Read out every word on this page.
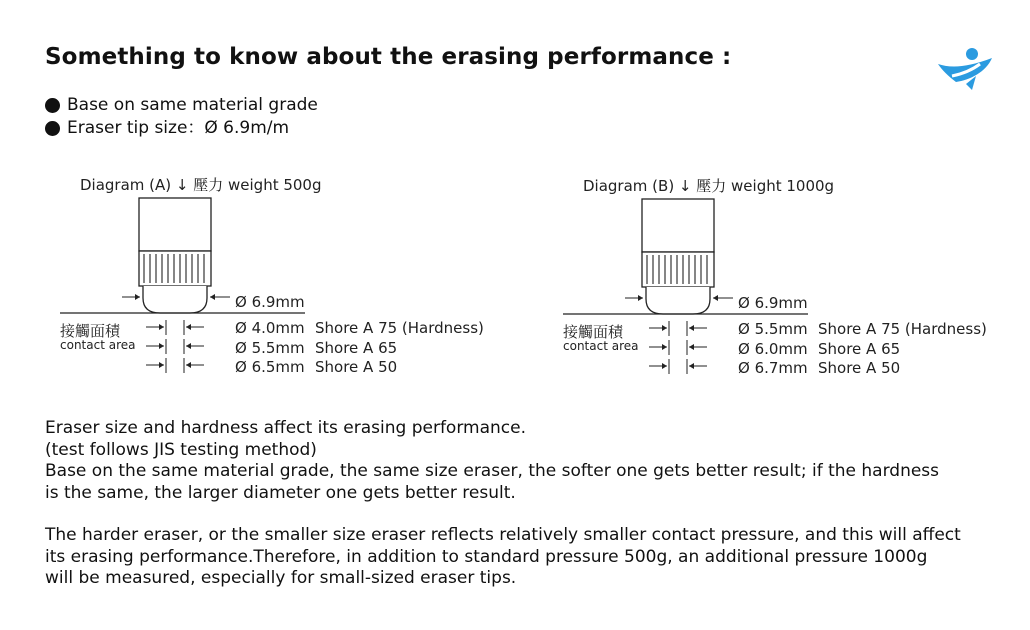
Something to know about the erasing performance :
Base on same material grade
Eraser tip size：Ø 6.9m/m
Diagram (A) ↓ 壓力 weight 500g
Ø 6.9mm
接觸面積
contact area
Ø 4.0mm Shore A 75 (Hardness)
Ø 5.5mm Shore A 65
Ø 6.5mm Shore A 50
Diagram (B) ↓ 壓力 weight 1000g
Ø 6.9mm
接觸面積
contact area
Ø 5.5mm Shore A 75 (Hardness)
Ø 6.0mm Shore A 65
Ø 6.7mm Shore A 50
Eraser size and hardness affect its erasing performance.
(test follows JIS testing method)
Base on the same material grade, the same size eraser, the softer one gets better result; if the hardness
is the same, the larger diameter one gets better result.
The harder eraser, or the smaller size eraser reflects relatively smaller contact pressure, and this will affect
its erasing performance.Therefore, in addition to standard pressure 500g, an additional pressure 1000g
will be measured, especially for small-sized eraser tips.
